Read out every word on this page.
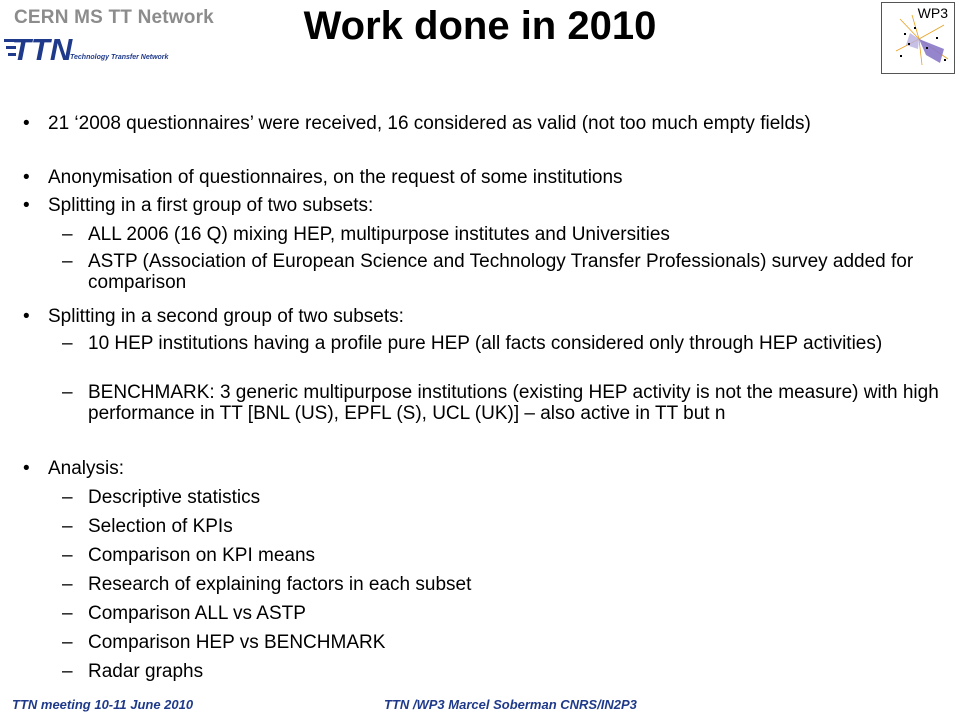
CERN MS TT Network
TTN
Technology Transfer Network
Work done in 2010	WP3
• 21 ‘2008 questionnaires’ were received, 16 considered as valid (not too much empty fields)
• Anonymisation of questionnaires, on the request of some institutions
• Splitting in a first group of two subsets:
– ALL 2006 (16 Q) mixing HEP, multipurpose institutes and Universities
– ASTP (Association of European Science and Technology Transfer Professionals) survey added for comparison
• Splitting in a second group of two subsets:
– 10 HEP institutions having a profile pure HEP (all facts considered only through HEP activities)
– BENCHMARK: 3 generic multipurpose institutions (existing HEP activity is not the measure) with high performance in TT [BNL (US), EPFL (S), UCL (UK)] – also active in TT but n
• Analysis:
– Descriptive statistics
– Selection of KPIs
– Comparison on KPI means
– Research of explaining factors in each subset
– Comparison ALL vs ASTP
– Comparison HEP vs BENCHMARK
– Radar graphs
TTN meeting 10-11 June 2010	TTN /WP3 Marcel Soberman CNRS/IN2P3
